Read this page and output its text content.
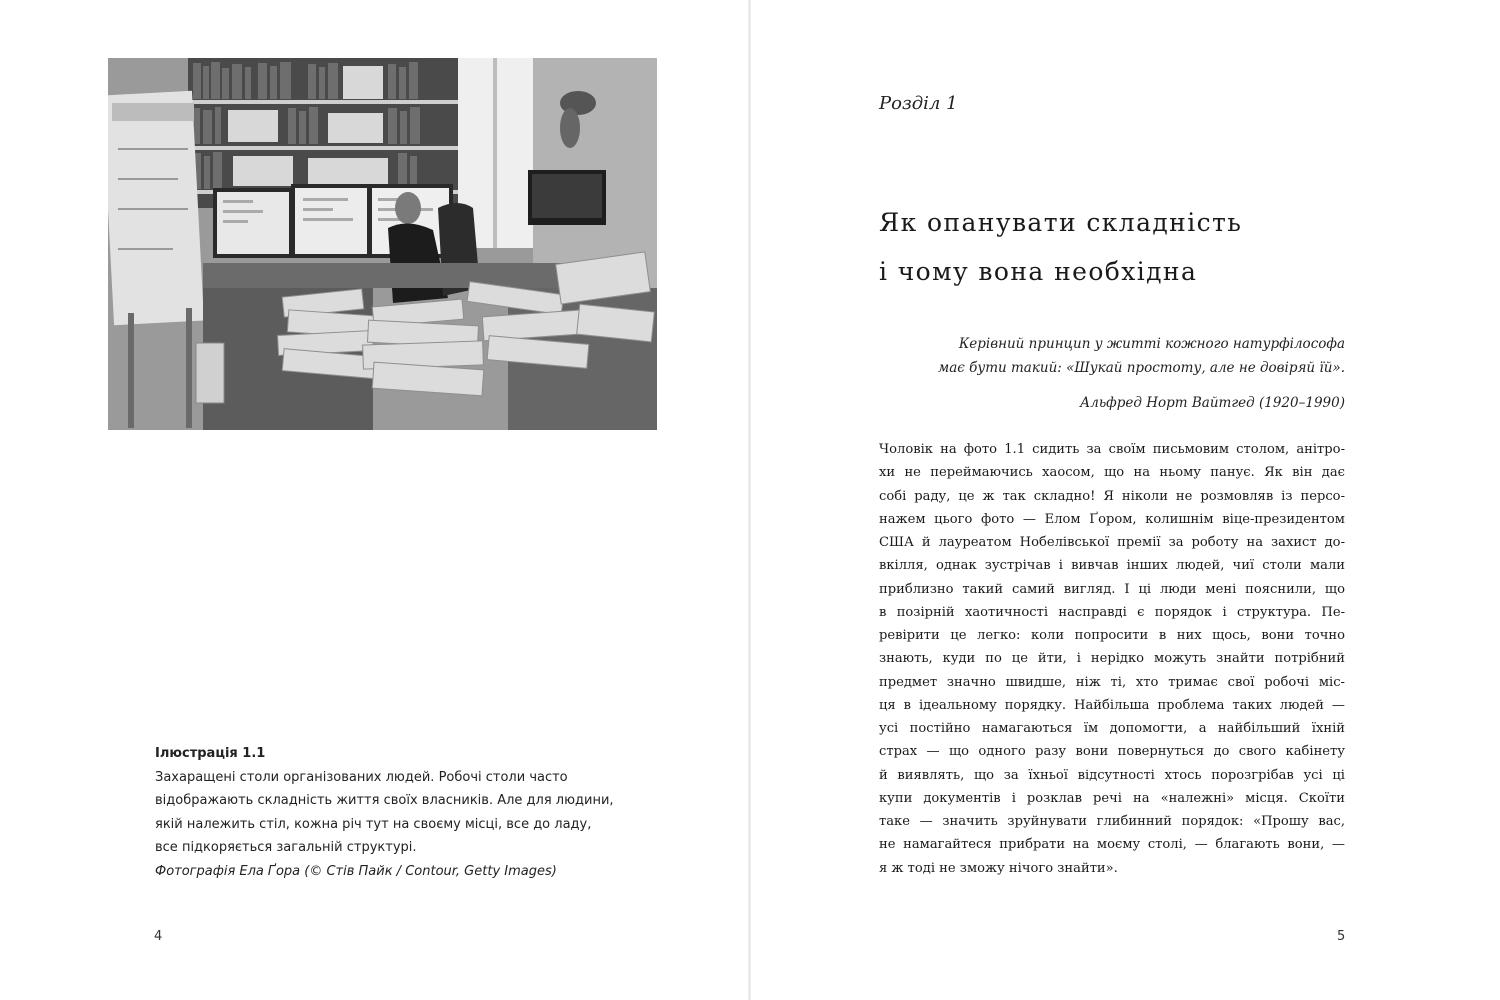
Ілюстрація 1.1
Захаращені столи організованих людей. Робочі столи часто
відображають складність життя своїх власників. Але для людини,
якій належить стіл, кожна річ тут на своєму місці, все до ладу,
все підкоряється загальній структурі.
Фотографія Ела Ґора (© Стів Пайк / Contour, Getty Images)
4
Розділ 1
Як опанувати складність
і чому вона необхідна
Керівний принцип у житті кожного натурфілософа
має бути такий: «Шукай простоту, але не довіряй їй».
Альфред Норт Вайтгед (1920–1990)
Чоловік на фото 1.1 сидить за своїм письмовим столом, анітро-
хи не переймаючись хаосом, що на ньому панує. Як він дає
собі раду, це ж так складно! Я ніколи не розмовляв із персо-
нажем цього фото — Елом Ґором, колишнім віце-президентом
США й лауреатом Нобелівської премії за роботу на захист до-
вкілля, однак зустрічав і вивчав інших людей, чиї столи мали
приблизно такий самий вигляд. І ці люди мені пояснили, що
в позірній хаотичності насправді є порядок і структура. Пе-
ревірити це легко: коли попросити в них щось, вони точно
знають, куди по це йти, і нерідко можуть знайти потрібний
предмет значно швидше, ніж ті, хто тримає свої робочі міс-
ця в ідеальному порядку. Найбільша проблема таких людей —
усі постійно намагаються їм допомогти, а найбільший їхній
страх — що одного разу вони повернуться до свого кабінету
й виявлять, що за їхньої відсутності хтось порозгрібав усі ці
купи документів і розклав речі на «належні» місця. Скоїти
таке — значить зруйнувати глибинний порядок: «Прошу вас,
не намагайтеся прибрати на моєму столі, — благають вони, —
я ж тоді не зможу нічого знайти».
5
